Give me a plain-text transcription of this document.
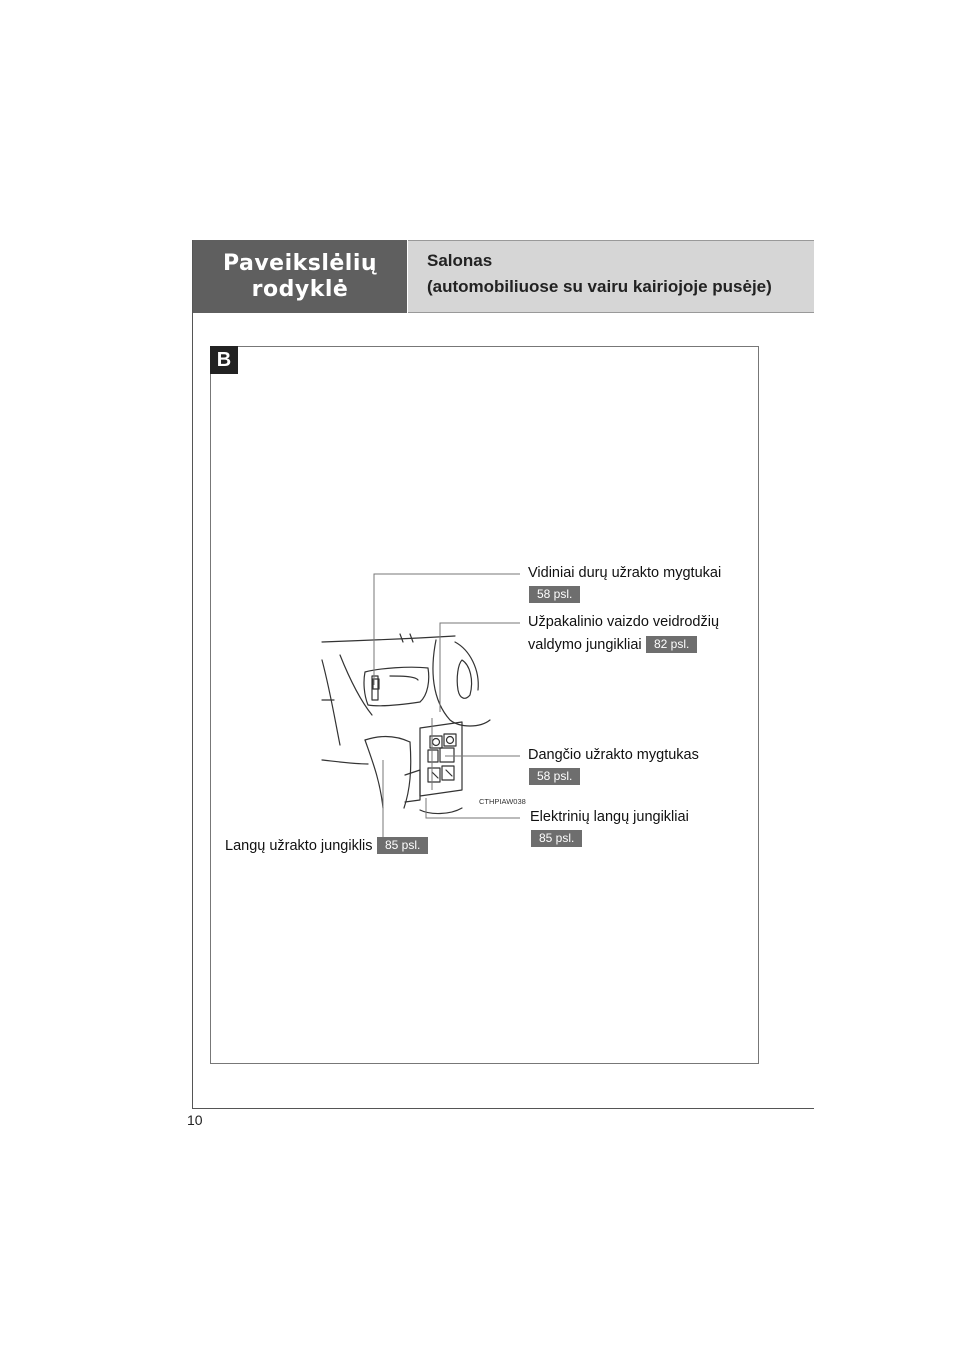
Paveikslėlių rodyklė
Salonas
(automobiliuose su vairu kairiojoje pusėje)
B
CTHPIAW038
Vidiniai durų užrakto mygtukai
58 psl.
Užpakalinio vaizdo veidrodžių
valdymo jungikliai	82 psl.
Dangčio užrakto mygtukas
58 psl.
Elektrinių langų jungikliai
85 psl.
Langų užrakto jungiklis	85 psl.
10
